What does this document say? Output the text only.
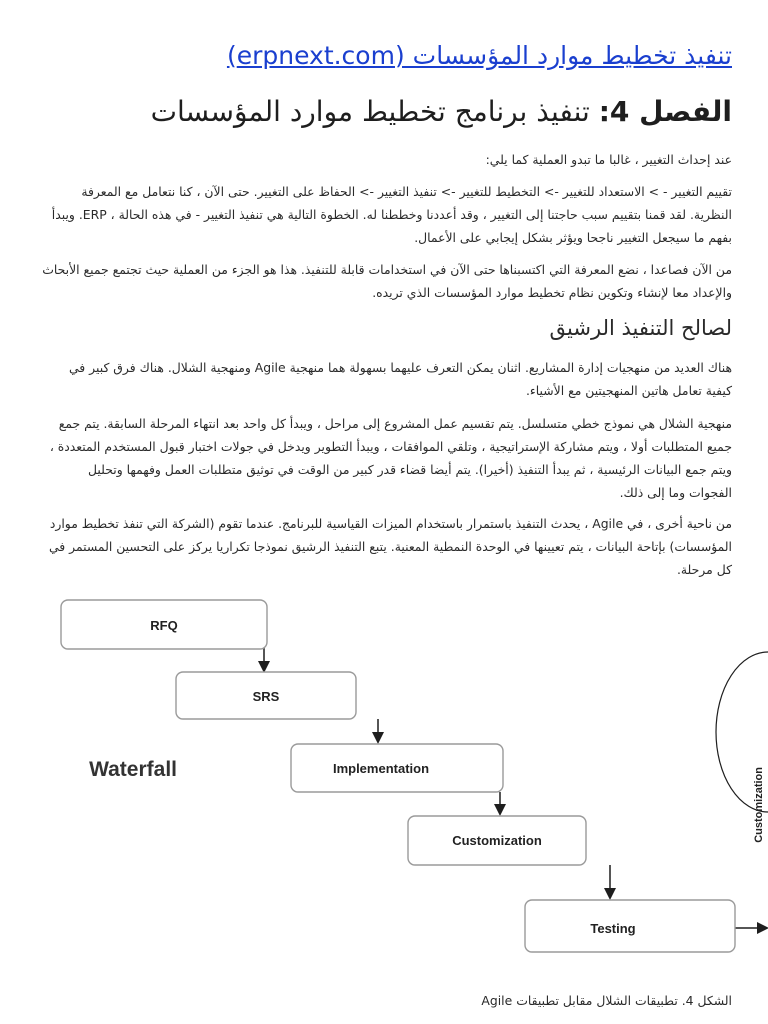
تنفيذ تخطيط موارد المؤسسات (erpnext.com)
الفصل 4: تنفيذ برنامج تخطيط موارد المؤسسات

عند إحداث التغيير ، غالبا ما تبدو العملية كما يلي:

تقييم التغيير - > الاستعداد للتغيير -> التخطيط للتغيير -> تنفيذ التغيير -> الحفاظ على التغيير. حتى الآن ، كنا نتعامل مع المعرفة النظرية. لقد قمنا بتقييم سبب حاجتنا إلى التغيير ، وقد أعددنا وخططنا له. الخطوة التالية هي تنفيذ التغيير - في هذه الحالة ، ERP. ويبدأ بفهم ما سيجعل التغيير ناجحا ويؤثر بشكل إيجابي على الأعمال.

من الآن فصاعدا ، نضع المعرفة التي اكتسبناها حتى الآن في استخدامات قابلة للتنفيذ. هذا هو الجزء من العملية حيث تجتمع جميع الأبحاث والإعداد معا لإنشاء وتكوين نظام تخطيط موارد المؤسسات الذي تريده.

لصالح التنفيذ الرشيق

هناك العديد من منهجيات إدارة المشاريع. اثنان يمكن التعرف عليهما بسهولة هما منهجية Agile ومنهجية الشلال. هناك فرق كبير في كيفية تعامل هاتين المنهجيتين مع الأشياء.

منهجية الشلال هي نموذج خطي متسلسل. يتم تقسيم عمل المشروع إلى مراحل ، ويبدأ كل واحد بعد انتهاء المرحلة السابقة. يتم جمع جميع المتطلبات أولا ، ويتم مشاركة الإستراتيجية ، وتلقي الموافقات ، ويبدأ التطوير ويدخل في جولات اختبار قبول المستخدم المتعددة ، ويتم جمع البيانات الرئيسية ، ثم يبدأ التنفيذ (أخيرا). يتم أيضا قضاء قدر كبير من الوقت في توثيق متطلبات العمل وفهمها وتحليل الفجوات وما إلى ذلك.

من ناحية أخرى ، في Agile ، يحدث التنفيذ باستمرار باستخدام الميزات القياسية للبرنامج. عندما تقوم (الشركة التي تنفذ تخطيط موارد المؤسسات) بإتاحة البيانات ، يتم تعيينها في الوحدة النمطية المعنية. يتبع التنفيذ الرشيق نموذجا تكراريا يركز على التحسين المستمر في كل مرحلة.

RFQ
SRS
Implementation
Customization
Testing
Waterfall	Customization

الشكل 4. تطبيقات الشلال مقابل تطبيقات Agile
